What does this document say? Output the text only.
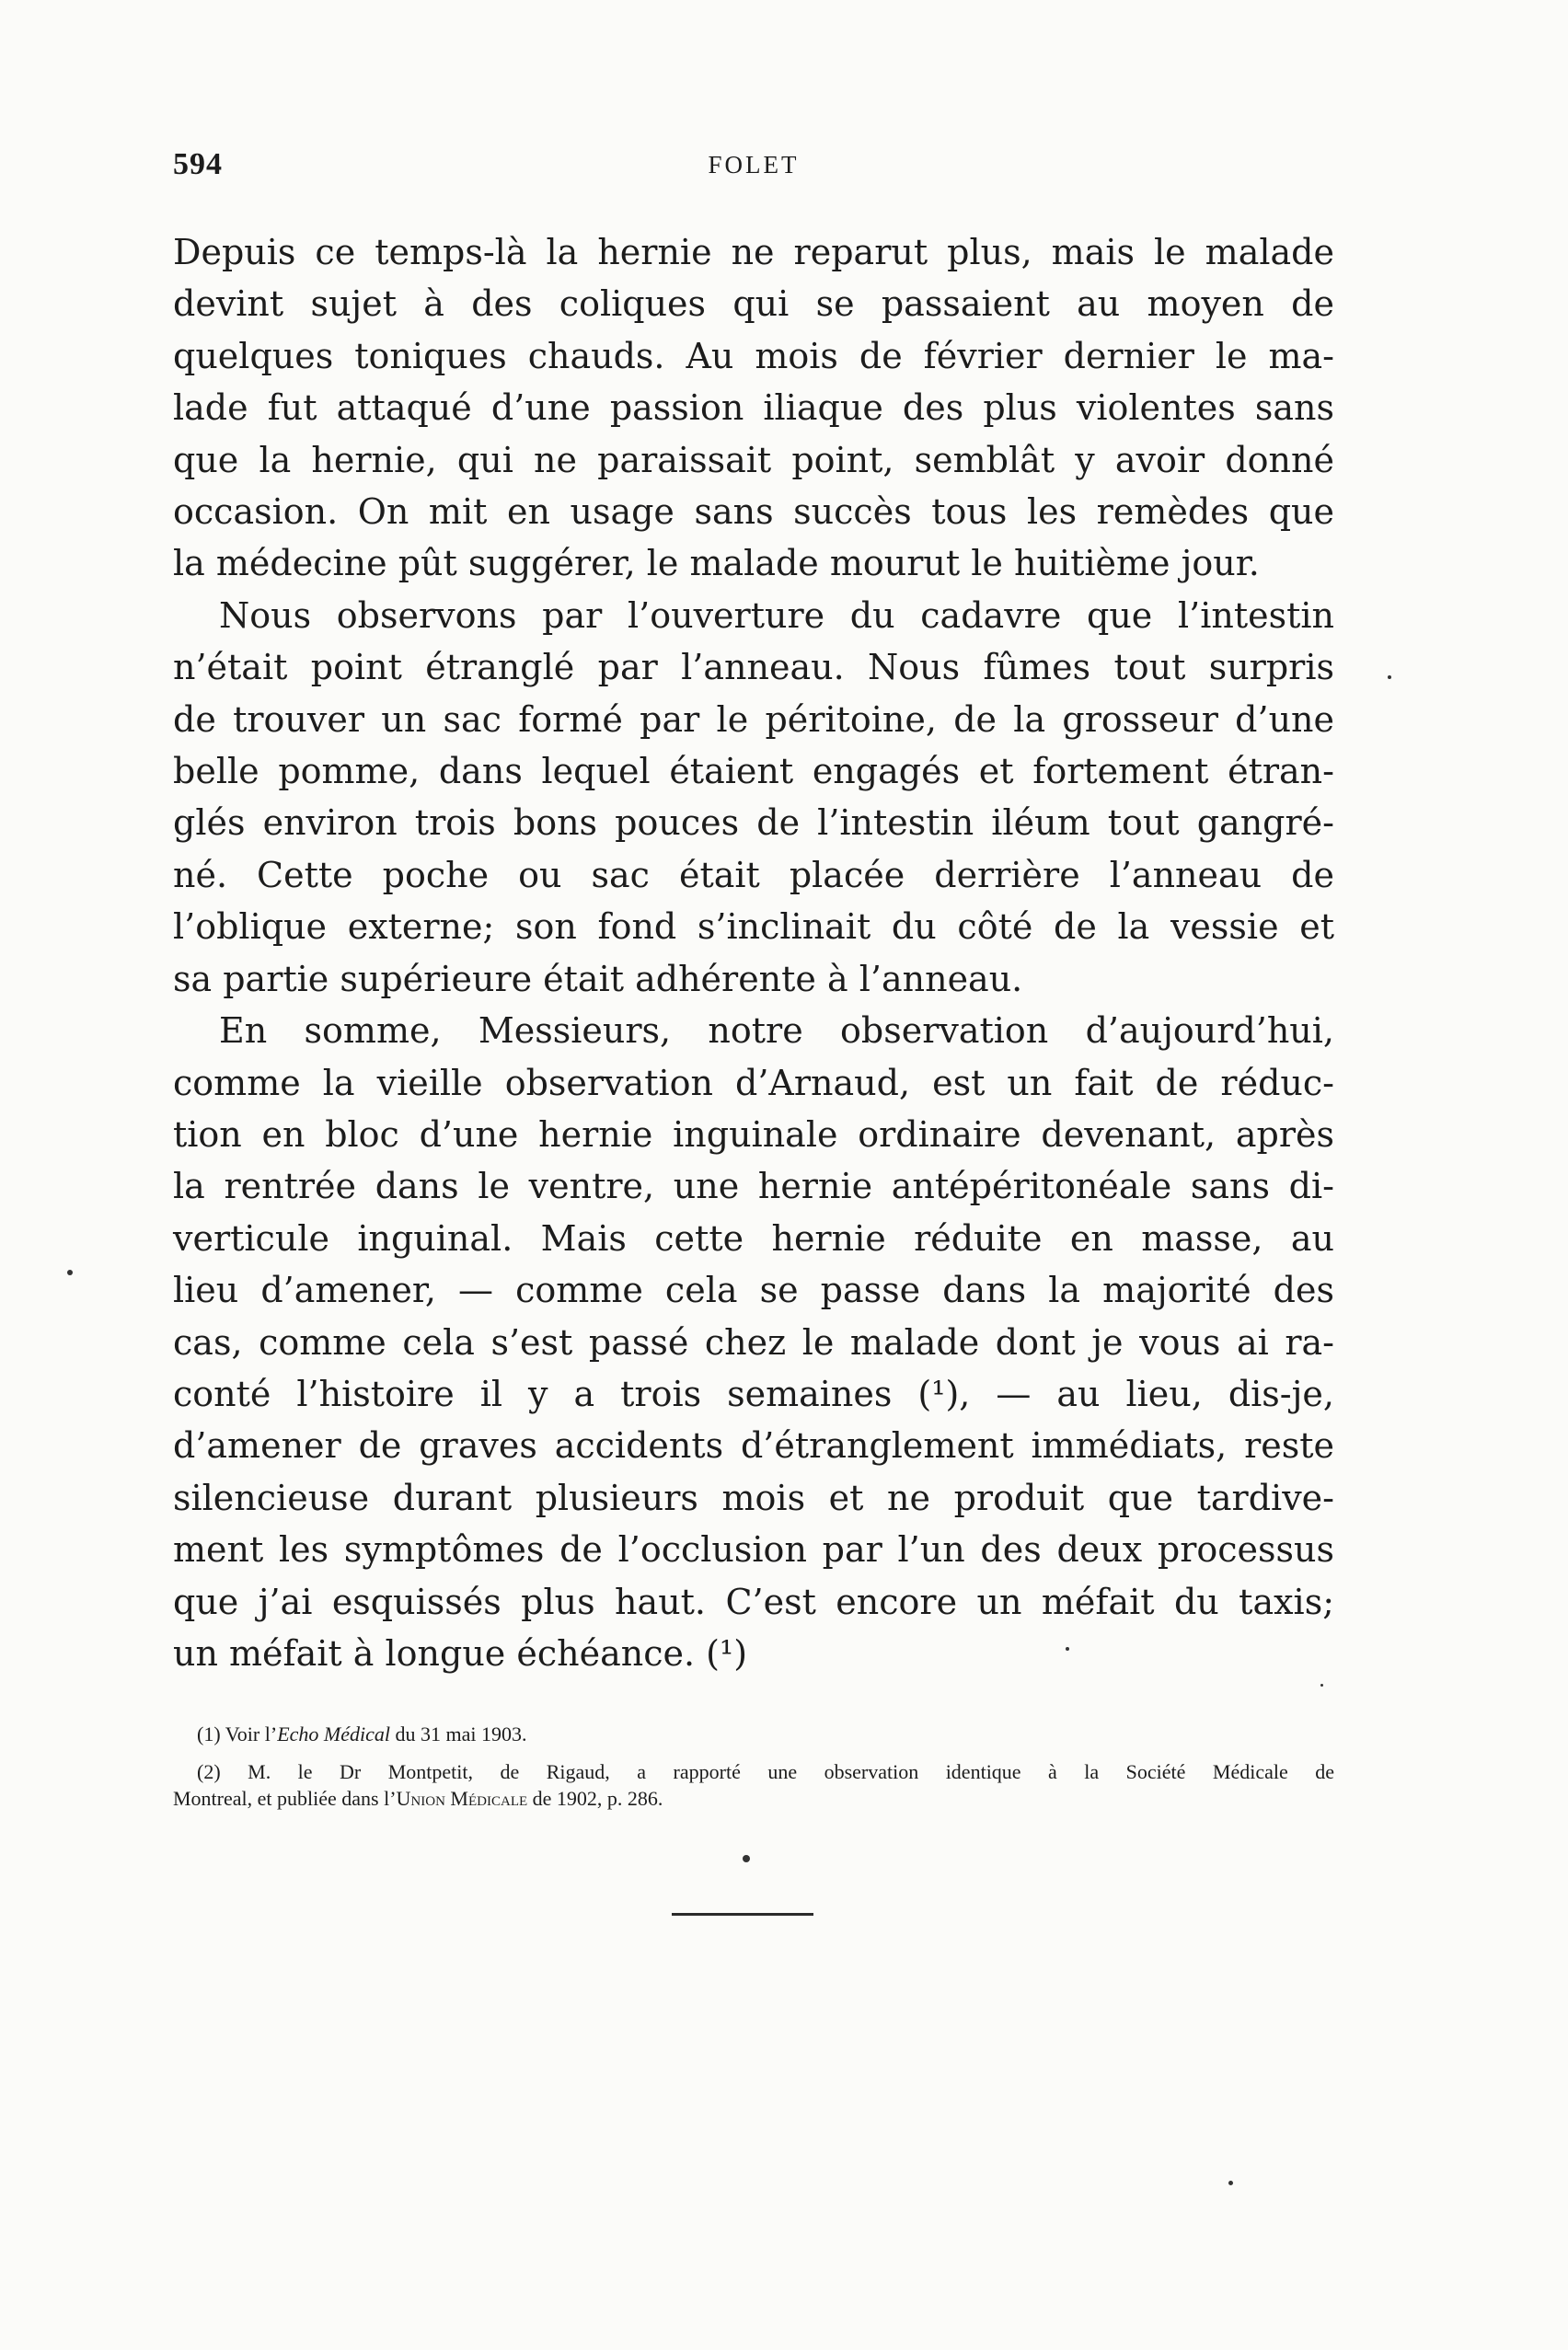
594	FOLET
Depuis ce temps-là la hernie ne reparut plus, mais le malade
devint sujet à des coliques qui se passaient au moyen de
quelques toniques chauds. Au mois de février dernier le ma-
lade fut attaqué d’une passion iliaque des plus violentes sans
que la hernie, qui ne paraissait point, semblât y avoir donné
occasion. On mit en usage sans succès tous les remèdes que
la médecine pût suggérer, le malade mourut le huitième jour.
Nous observons par l’ouverture du cadavre que l’intestin
n’était point étranglé par l’anneau. Nous fûmes tout surpris
de trouver un sac formé par le péritoine, de la grosseur d’une
belle pomme, dans lequel étaient engagés et fortement étran-
glés environ trois bons pouces de l’intestin iléum tout gangré-
né. Cette poche ou sac était placée derrière l’anneau de
l’oblique externe; son fond s’inclinait du côté de la vessie et
sa partie supérieure était adhérente à l’anneau.
En somme, Messieurs, notre observation d’aujourd’hui,
comme la vieille observation d’Arnaud, est un fait de réduc-
tion en bloc d’une hernie inguinale ordinaire devenant, après
la rentrée dans le ventre, une hernie antépéritonéale sans di-
verticule inguinal. Mais cette hernie réduite en masse, au
lieu d’amener, — comme cela se passe dans la majorité des
cas, comme cela s’est passé chez le malade dont je vous ai ra-
conté l’histoire il y a trois semaines (¹), — au lieu, dis-je,
d’amener de graves accidents d’étranglement immédiats, reste
silencieuse durant plusieurs mois et ne produit que tardive-
ment les symptômes de l’occlusion par l’un des deux processus
que j’ai esquissés plus haut. C’est encore un méfait du taxis;
un méfait à longue échéance. (¹)
(1) Voir l’Echo Médical du 31 mai 1903.
(2) M. le Dr Montpetit, de Rigaud, a rapporté une observation identique à la Société Médicale de
Montreal, et publiée dans l’Union Médicale de 1902, p. 286.
